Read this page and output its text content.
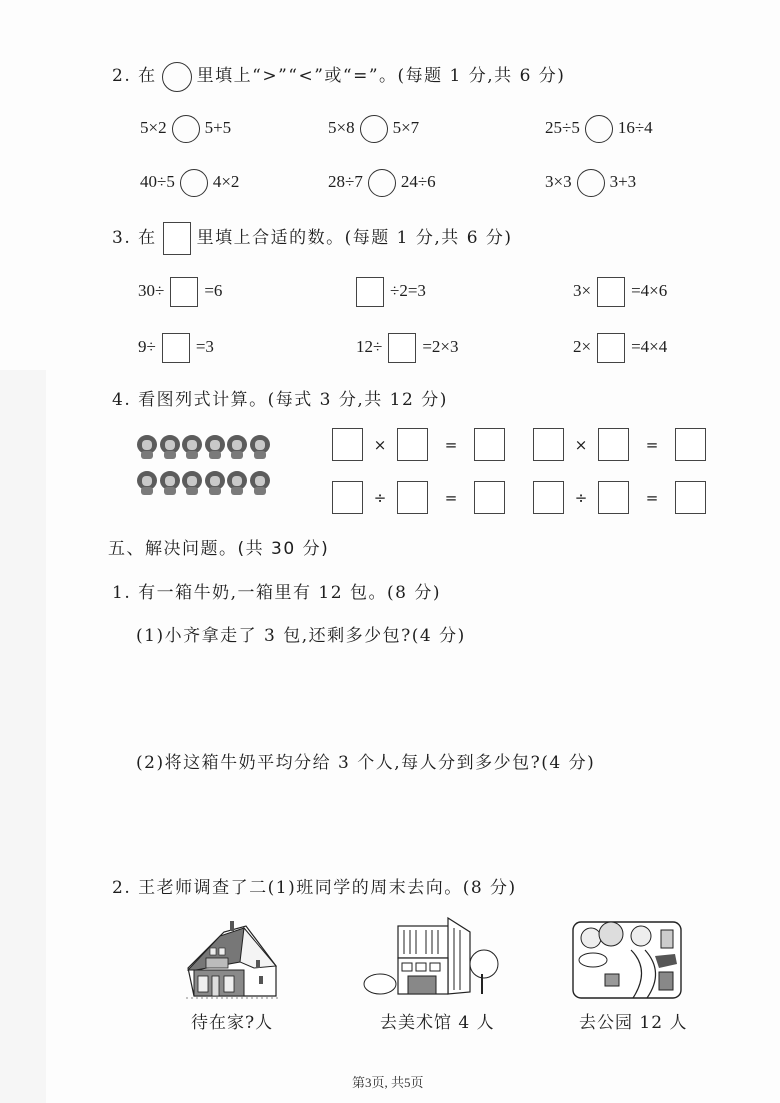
2. 在 里填上“>”“<”或“=”。(每题 1 分,共 6 分)
5×2 5+5	5×8 5×7	25÷5 16÷4
40÷5 4×2	28÷7 24÷6	3×3 3+3
3. 在 里填上合适的数。(每题 1 分,共 6 分)
30÷ =6	÷2=3	3× =4×6
9÷ =3	12÷ =2×3	2× =4×4
4. 看图列式计算。(每式 3 分,共 12 分)
×	=	×	=
÷	=	÷	=
五、解决问题。(共 30 分)
1. 有一箱牛奶,一箱里有 12 包。(8 分)
(1)小齐拿走了 3 包,还剩多少包?(4 分)
(2)将这箱牛奶平均分给 3 个人,每人分到多少包?(4 分)
2. 王老师调查了二(1)班同学的周末去向。(8 分)
待在家?人	去美术馆 4 人	去公园 12 人
第3页, 共5页
